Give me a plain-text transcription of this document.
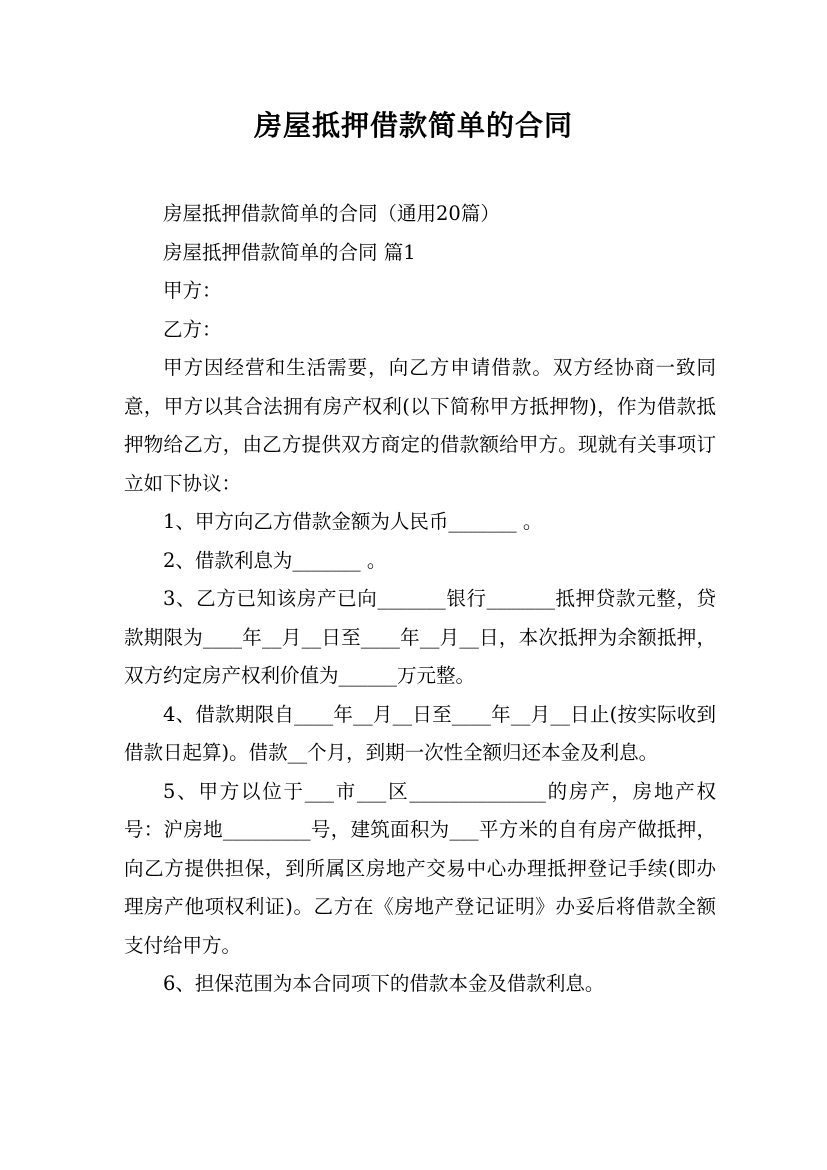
房屋抵押借款简单的合同

房屋抵押借款简单的合同（通用20篇）

房屋抵押借款简单的合同 篇1

甲方：

乙方：

甲方因经营和生活需要，向乙方申请借款。双方经协商一致同意，甲方以其合法拥有房产权利(以下简称甲方抵押物)，作为借款抵押物给乙方，由乙方提供双方商定的借款额给甲方。现就有关事项订立如下协议：

1、甲方向乙方借款金额为人民币_______ 。

2、借款利息为_______ 。

3、乙方已知该房产已向_______银行_______抵押贷款元整，贷款期限为____年__月__日至____年__月__日，本次抵押为余额抵押，双方约定房产权利价值为______万元整。

4、借款期限自____年__月__日至____年__月__日止(按实际收到借款日起算)。借款__个月，到期一次性全额归还本金及利息。

5、甲方以位于___市___区______________的房产，房地产权号：沪房地_________号，建筑面积为___平方米的自有房产做抵押，向乙方提供担保，到所属区房地产交易中心办理抵押登记手续(即办理房产他项权利证)。乙方在《房地产登记证明》办妥后将借款全额支付给甲方。

6、担保范围为本合同项下的借款本金及借款利息。
